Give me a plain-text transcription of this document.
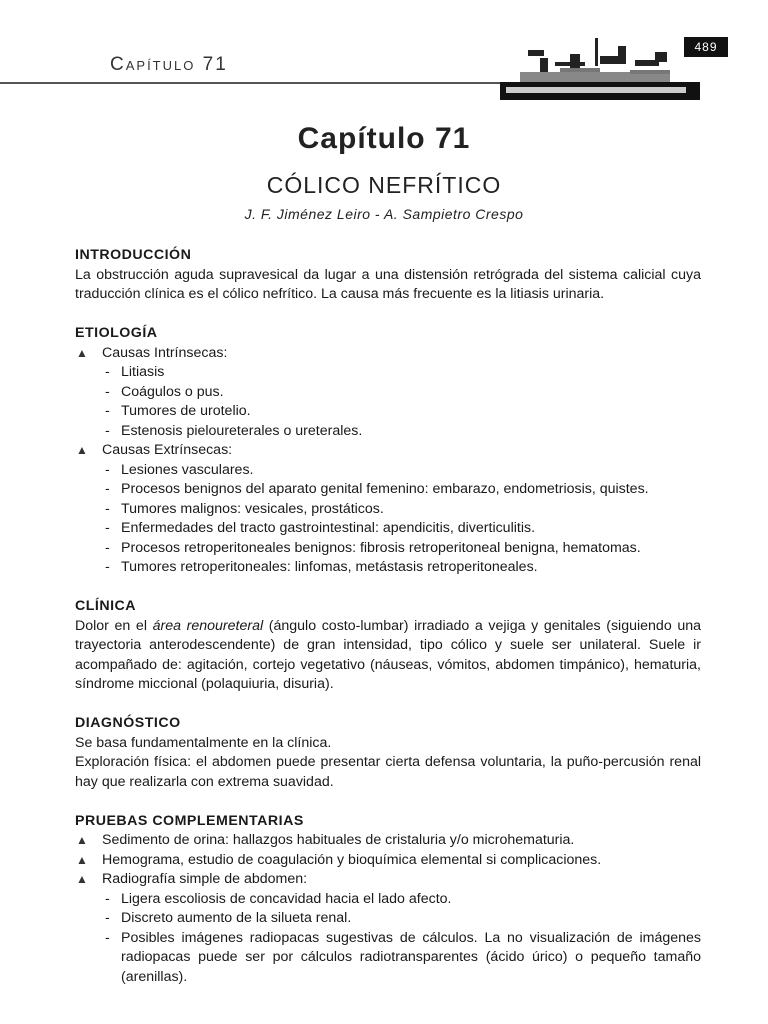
Capítulo 71
489
Capítulo 71
CÓLICO NEFRÍTICO
J. F. Jiménez Leiro - A. Sampietro Crespo
INTRODUCCIÓN

La obstrucción aguda supravesical da lugar a una distensión retrógrada del sistema calicial cuya traducción clínica es el cólico nefrítico. La causa más frecuente es la litiasis urinaria.

ETIOLOGÍA
▲ Causas Intrínsecas:
- Litiasis
- Coágulos o pus.
- Tumores de urotelio.
- Estenosis pieloureterales o ureterales.
▲ Causas Extrínsecas:
- Lesiones vasculares.
- Procesos benignos del aparato genital femenino: embarazo, endometriosis, quistes.
- Tumores malignos: vesicales, prostáticos.
- Enfermedades del tracto gastrointestinal: apendicitis, diverticulitis.
- Procesos retroperitoneales benignos: fibrosis retroperitoneal benigna, hematomas.
- Tumores retroperitoneales: linfomas, metástasis retroperitoneales.
CLÍNICA

Dolor en el área renoureteral (ángulo costo-lumbar) irradiado a vejiga y genitales (siguiendo una trayectoria anterodescendente) de gran intensidad, tipo cólico y suele ser unilateral. Suele ir acompañado de: agitación, cortejo vegetativo (náuseas, vómitos, abdomen timpánico), hematuria, síndrome miccional (polaquiuria, disuria).

DIAGNÓSTICO

Se basa fundamentalmente en la clínica.

Exploración física: el abdomen puede presentar cierta defensa voluntaria, la puño-percusión renal hay que realizarla con extrema suavidad.

PRUEBAS COMPLEMENTARIAS
▲ Sedimento de orina: hallazgos habituales de cristaluria y/o microhematuria.
▲ Hemograma, estudio de coagulación y bioquímica elemental si complicaciones.
▲ Radiografía simple de abdomen:
- Ligera escoliosis de concavidad hacia el lado afecto.
- Discreto aumento de la silueta renal.
- Posibles imágenes radiopacas sugestivas de cálculos. La no visualización de imágenes radiopacas puede ser por cálculos radiotransparentes (ácido úrico) o pequeño tamaño (arenillas).
